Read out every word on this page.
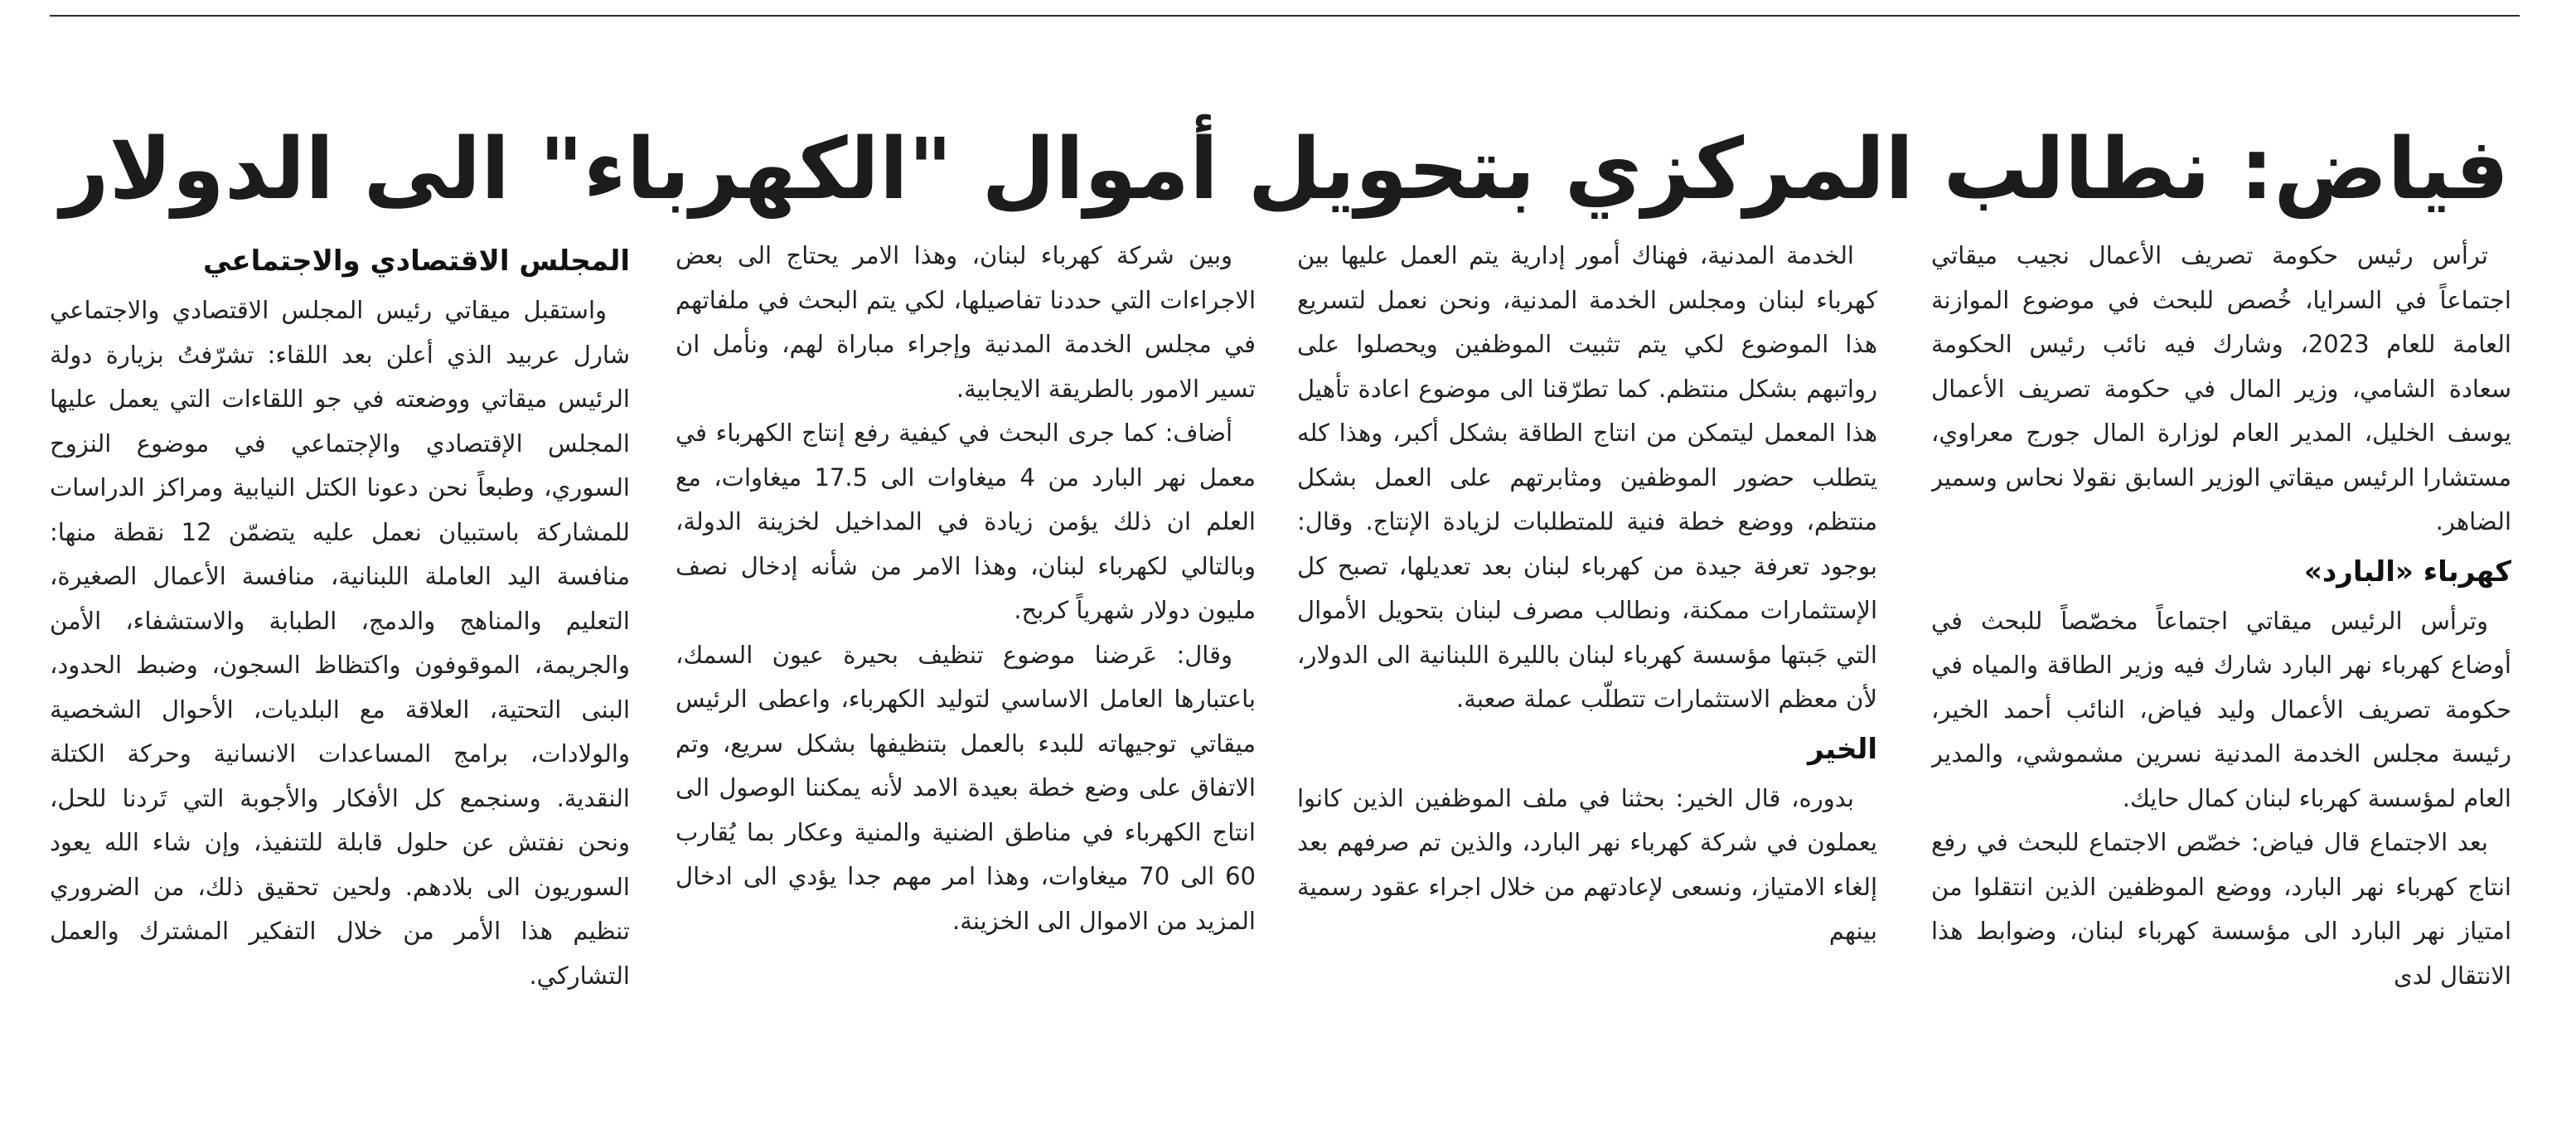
فياض: نطالب المركزي بتحويل أموال "الكهرباء" الى الدولار

ترأس رئيس حكومة تصريف الأعمال نجيب ميقاتي اجتماعاً في السرايا، خُصص للبحث في موضوع الموازنة العامة للعام 2023، وشارك فيه نائب رئيس الحكومة سعادة الشامي، وزير المال في حكومة تصريف الأعمال يوسف الخليل، المدير العام لوزارة المال جورج معراوي، مستشارا الرئيس ميقاتي الوزير السابق نقولا نحاس وسمير الضاهر.

كهرباء «البارد»

وترأس الرئيس ميقاتي اجتماعاً مخصّصاً للبحث في أوضاع كهرباء نهر البارد شارك فيه وزير الطاقة والمياه في حكومة تصريف الأعمال وليد فياض، النائب أحمد الخير، رئيسة مجلس الخدمة المدنية نسرين مشموشي، والمدير العام لمؤسسة كهرباء لبنان كمال حايك.

بعد الاجتماع قال فياض: خصّص الاجتماع للبحث في رفع انتاج كهرباء نهر البارد، ووضع الموظفين الذين انتقلوا من امتياز نهر البارد الى مؤسسة كهرباء لبنان، وضوابط هذا الانتقال لدى

الخدمة المدنية، فهناك أمور إدارية يتم العمل عليها بين كهرباء لبنان ومجلس الخدمة المدنية، ونحن نعمل لتسريع هذا الموضوع لكي يتم تثبيت الموظفين ويحصلوا على رواتبهم بشكل منتظم. كما تطرّقنا الى موضوع اعادة تأهيل هذا المعمل ليتمكن من انتاج الطاقة بشكل أكبر، وهذا كله يتطلب حضور الموظفين ومثابرتهم على العمل بشكل منتظم، ووضع خطة فنية للمتطلبات لزيادة الإنتاج. وقال: بوجود تعرفة جيدة من كهرباء لبنان بعد تعديلها، تصبح كل الإستثمارات ممكنة، ونطالب مصرف لبنان بتحويل الأموال التي جَبتها مؤسسة كهرباء لبنان بالليرة اللبنانية الى الدولار، لأن معظم الاستثمارات تتطلّب عملة صعبة.

الخير

بدوره، قال الخير: بحثنا في ملف الموظفين الذين كانوا يعملون في شركة كهرباء نهر البارد، والذين تم صرفهم بعد إلغاء الامتياز، ونسعى لإعادتهم من خلال اجراء عقود رسمية بينهم

وبين شركة كهرباء لبنان، وهذا الامر يحتاج الى بعض الاجراءات التي حددنا تفاصيلها، لكي يتم البحث في ملفاتهم في مجلس الخدمة المدنية وإجراء مباراة لهم، ونأمل ان تسير الامور بالطريقة الايجابية.

أضاف: كما جرى البحث في كيفية رفع إنتاج الكهرباء في معمل نهر البارد من 4 ميغاوات الى 17.5 ميغاوات، مع العلم ان ذلك يؤمن زيادة في المداخيل لخزينة الدولة، وبالتالي لكهرباء لبنان، وهذا الامر من شأنه إدخال نصف مليون دولار شهرياً كربح.

وقال: عَرضنا موضوع تنظيف بحيرة عيون السمك، باعتبارها العامل الاساسي لتوليد الكهرباء، واعطى الرئيس ميقاتي توجيهاته للبدء بالعمل بتنظيفها بشكل سريع، وتم الاتفاق على وضع خطة بعيدة الامد لأنه يمكننا الوصول الى انتاج الكهرباء في مناطق الضنية والمنية وعكار بما يُقارب 60 الى 70 ميغاوات، وهذا امر مهم جدا يؤدي الى ادخال المزيد من الاموال الى الخزينة.

المجلس الاقتصادي والاجتماعي

واستقبل ميقاتي رئيس المجلس الاقتصادي والاجتماعي شارل عربيد الذي أعلن بعد اللقاء: تشرّفتُ بزيارة دولة الرئيس ميقاتي ووضعته في جو اللقاءات التي يعمل عليها المجلس الإقتصادي والإجتماعي في موضوع النزوح السوري، وطبعاً نحن دعونا الكتل النيابية ومراكز الدراسات للمشاركة باستبيان نعمل عليه يتضمّن 12 نقطة منها: منافسة اليد العاملة اللبنانية، منافسة الأعمال الصغيرة، التعليم والمناهج والدمج، الطبابة والاستشفاء، الأمن والجريمة، الموقوفون واكتظاظ السجون، وضبط الحدود، البنى التحتية، العلاقة مع البلديات، الأحوال الشخصية والولادات، برامج المساعدات الانسانية وحركة الكتلة النقدية. وسنجمع كل الأفكار والأجوبة التي تَردنا للحل، ونحن نفتش عن حلول قابلة للتنفيذ، وإن شاء الله يعود السوريون الى بلادهم. ولحين تحقيق ذلك، من الضروري تنظيم هذا الأمر من خلال التفكير المشترك والعمل التشاركي.
